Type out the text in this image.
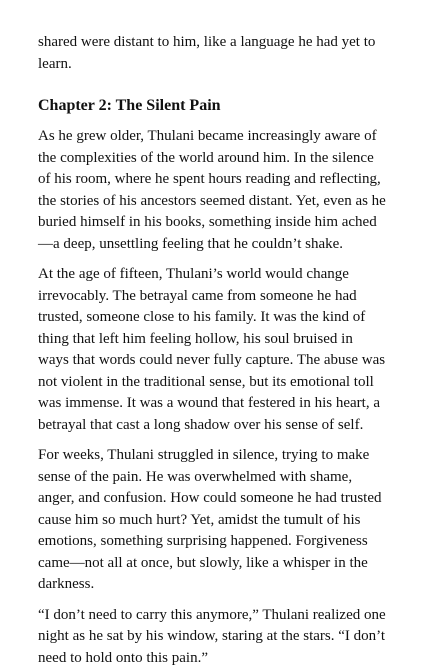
shared were distant to him, like a language he had yet to learn.

Chapter 2: The Silent Pain

As he grew older, Thulani became increasingly aware of the complexities of the world around him. In the silence of his room, where he spent hours reading and reflecting, the stories of his ancestors seemed distant. Yet, even as he buried himself in his books, something inside him ached—a deep, unsettling feeling that he couldn’t shake.

At the age of fifteen, Thulani’s world would change irrevocably. The betrayal came from someone he had trusted, someone close to his family. It was the kind of thing that left him feeling hollow, his soul bruised in ways that words could never fully capture. The abuse was not violent in the traditional sense, but its emotional toll was immense. It was a wound that festered in his heart, a betrayal that cast a long shadow over his sense of self.

For weeks, Thulani struggled in silence, trying to make sense of the pain. He was overwhelmed with shame, anger, and confusion. How could someone he had trusted cause him so much hurt? Yet, amidst the tumult of his emotions, something surprising happened. Forgiveness came—not all at once, but slowly, like a whisper in the darkness.

“I don’t need to carry this anymore,” Thulani realized one night as he sat by his window, staring at the stars. “I don’t need to hold onto this pain.”
